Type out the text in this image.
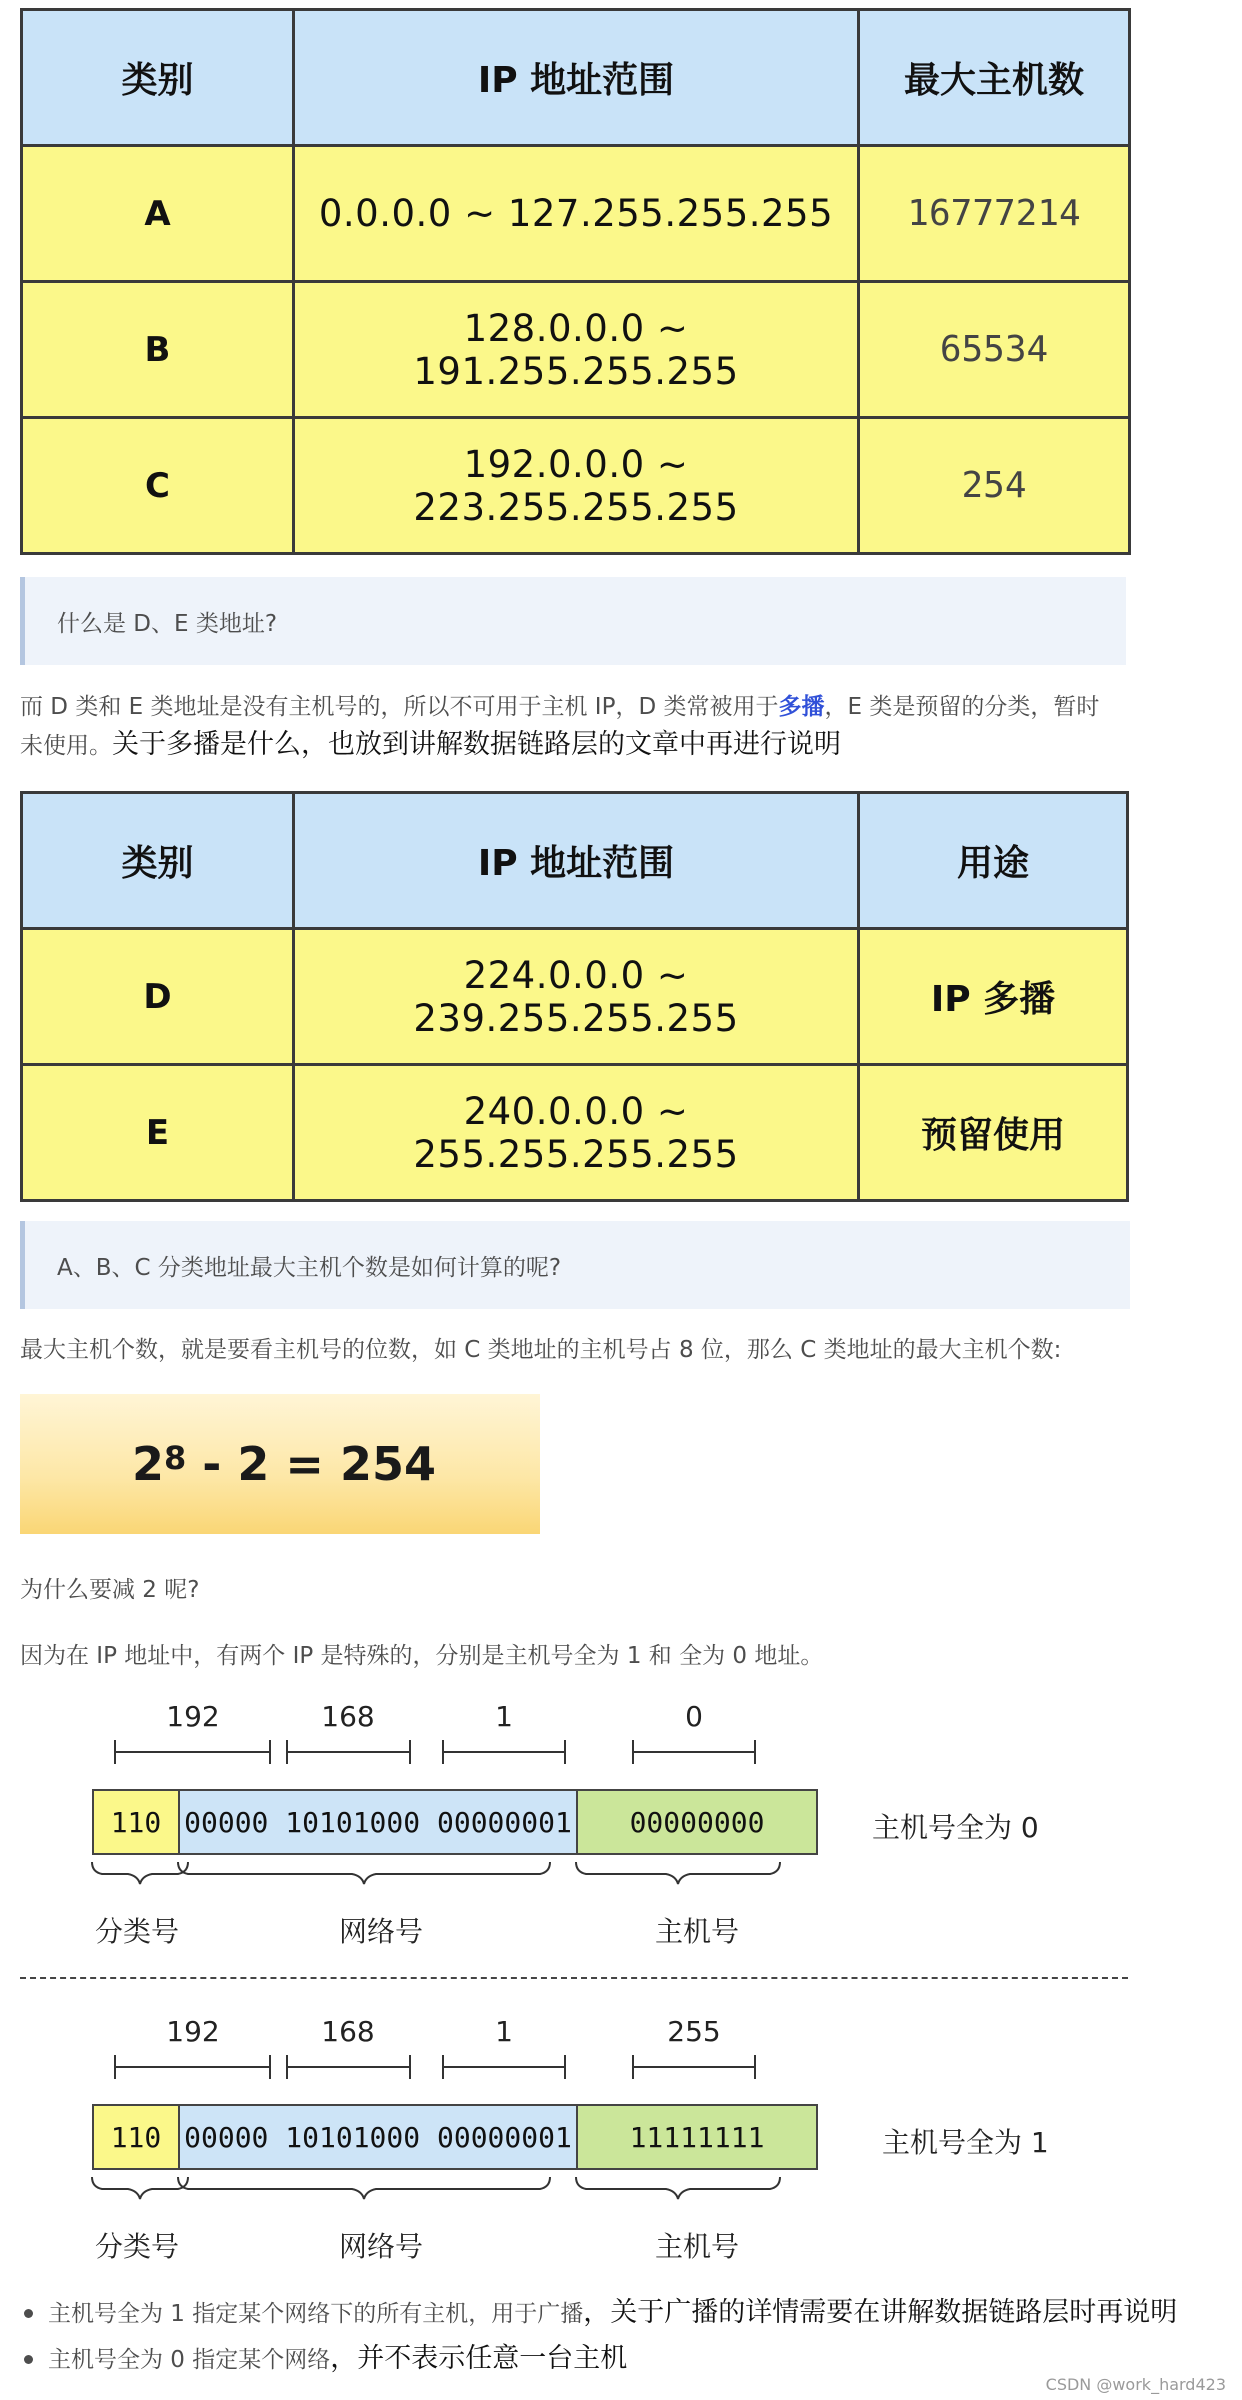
类别	IP 地址范围	最大主机数
A	0.0.0.0 ~ 127.255.255.255	16777214
B	128.0.0.0 ~ 191.255.255.255	65534
C	192.0.0.0 ~ 223.255.255.255	254
什么是 D、E 类地址?
而 D 类和 E 类地址是没有主机号的，所以不可用于主机 IP，D 类常被用于多播，E 类是预留的分类，暂时
未使用。关于多播是什么，也放到讲解数据链路层的文章中再进行说明
类别	IP 地址范围	用途
D	224.0.0.0 ~ 239.255.255.255	IP 多播
E	240.0.0.0 ~ 255.255.255.255	预留使用
A、B、C 分类地址最大主机个数是如何计算的呢?
最大主机个数，就是要看主机号的位数，如 C 类地址的主机号占 8 位，那么 C 类地址的最大主机个数:
$2^8 - 2 = 254$
为什么要减 2 呢?
因为在 IP 地址中，有两个 IP 是特殊的，分别是主机号全为 1 和 全为 0 地址。
192	168	1	0
110 00000 10101000 00000001	00000000	主机号全为 0
分类号	网络号	主机号
192	168	1	255
110 00000 10101000 00000001	11111111	主机号全为 1
分类号	网络号	主机号
主机号全为 1 指定某个网络下的所有主机，用于广播，关于广播的详情需要在讲解数据链路层时再说明
主机号全为 0 指定某个网络，并不表示任意一台主机
CSDN @work_hard423
